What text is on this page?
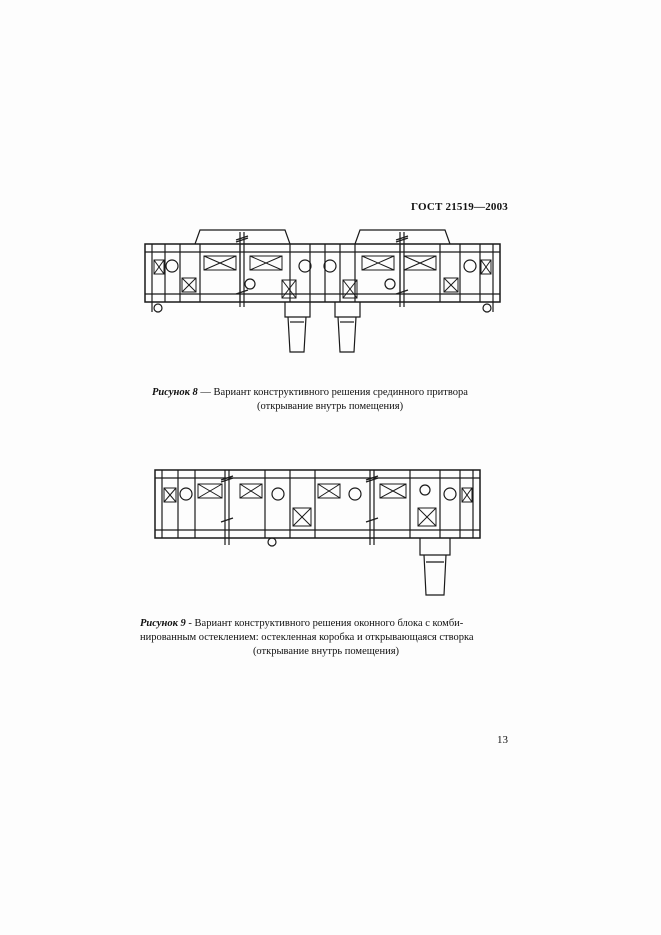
ГОСТ 21519—2003
Рисунок 8 — Вариант конструктивного решения срединного притвора
(открывание внутрь помещения)
Рисунок 9 - Вариант конструктивного решения оконного блока с комби-
нированным остеклением: остекленная коробка и открывающаяся створка
(открывание внутрь помещения)
13
